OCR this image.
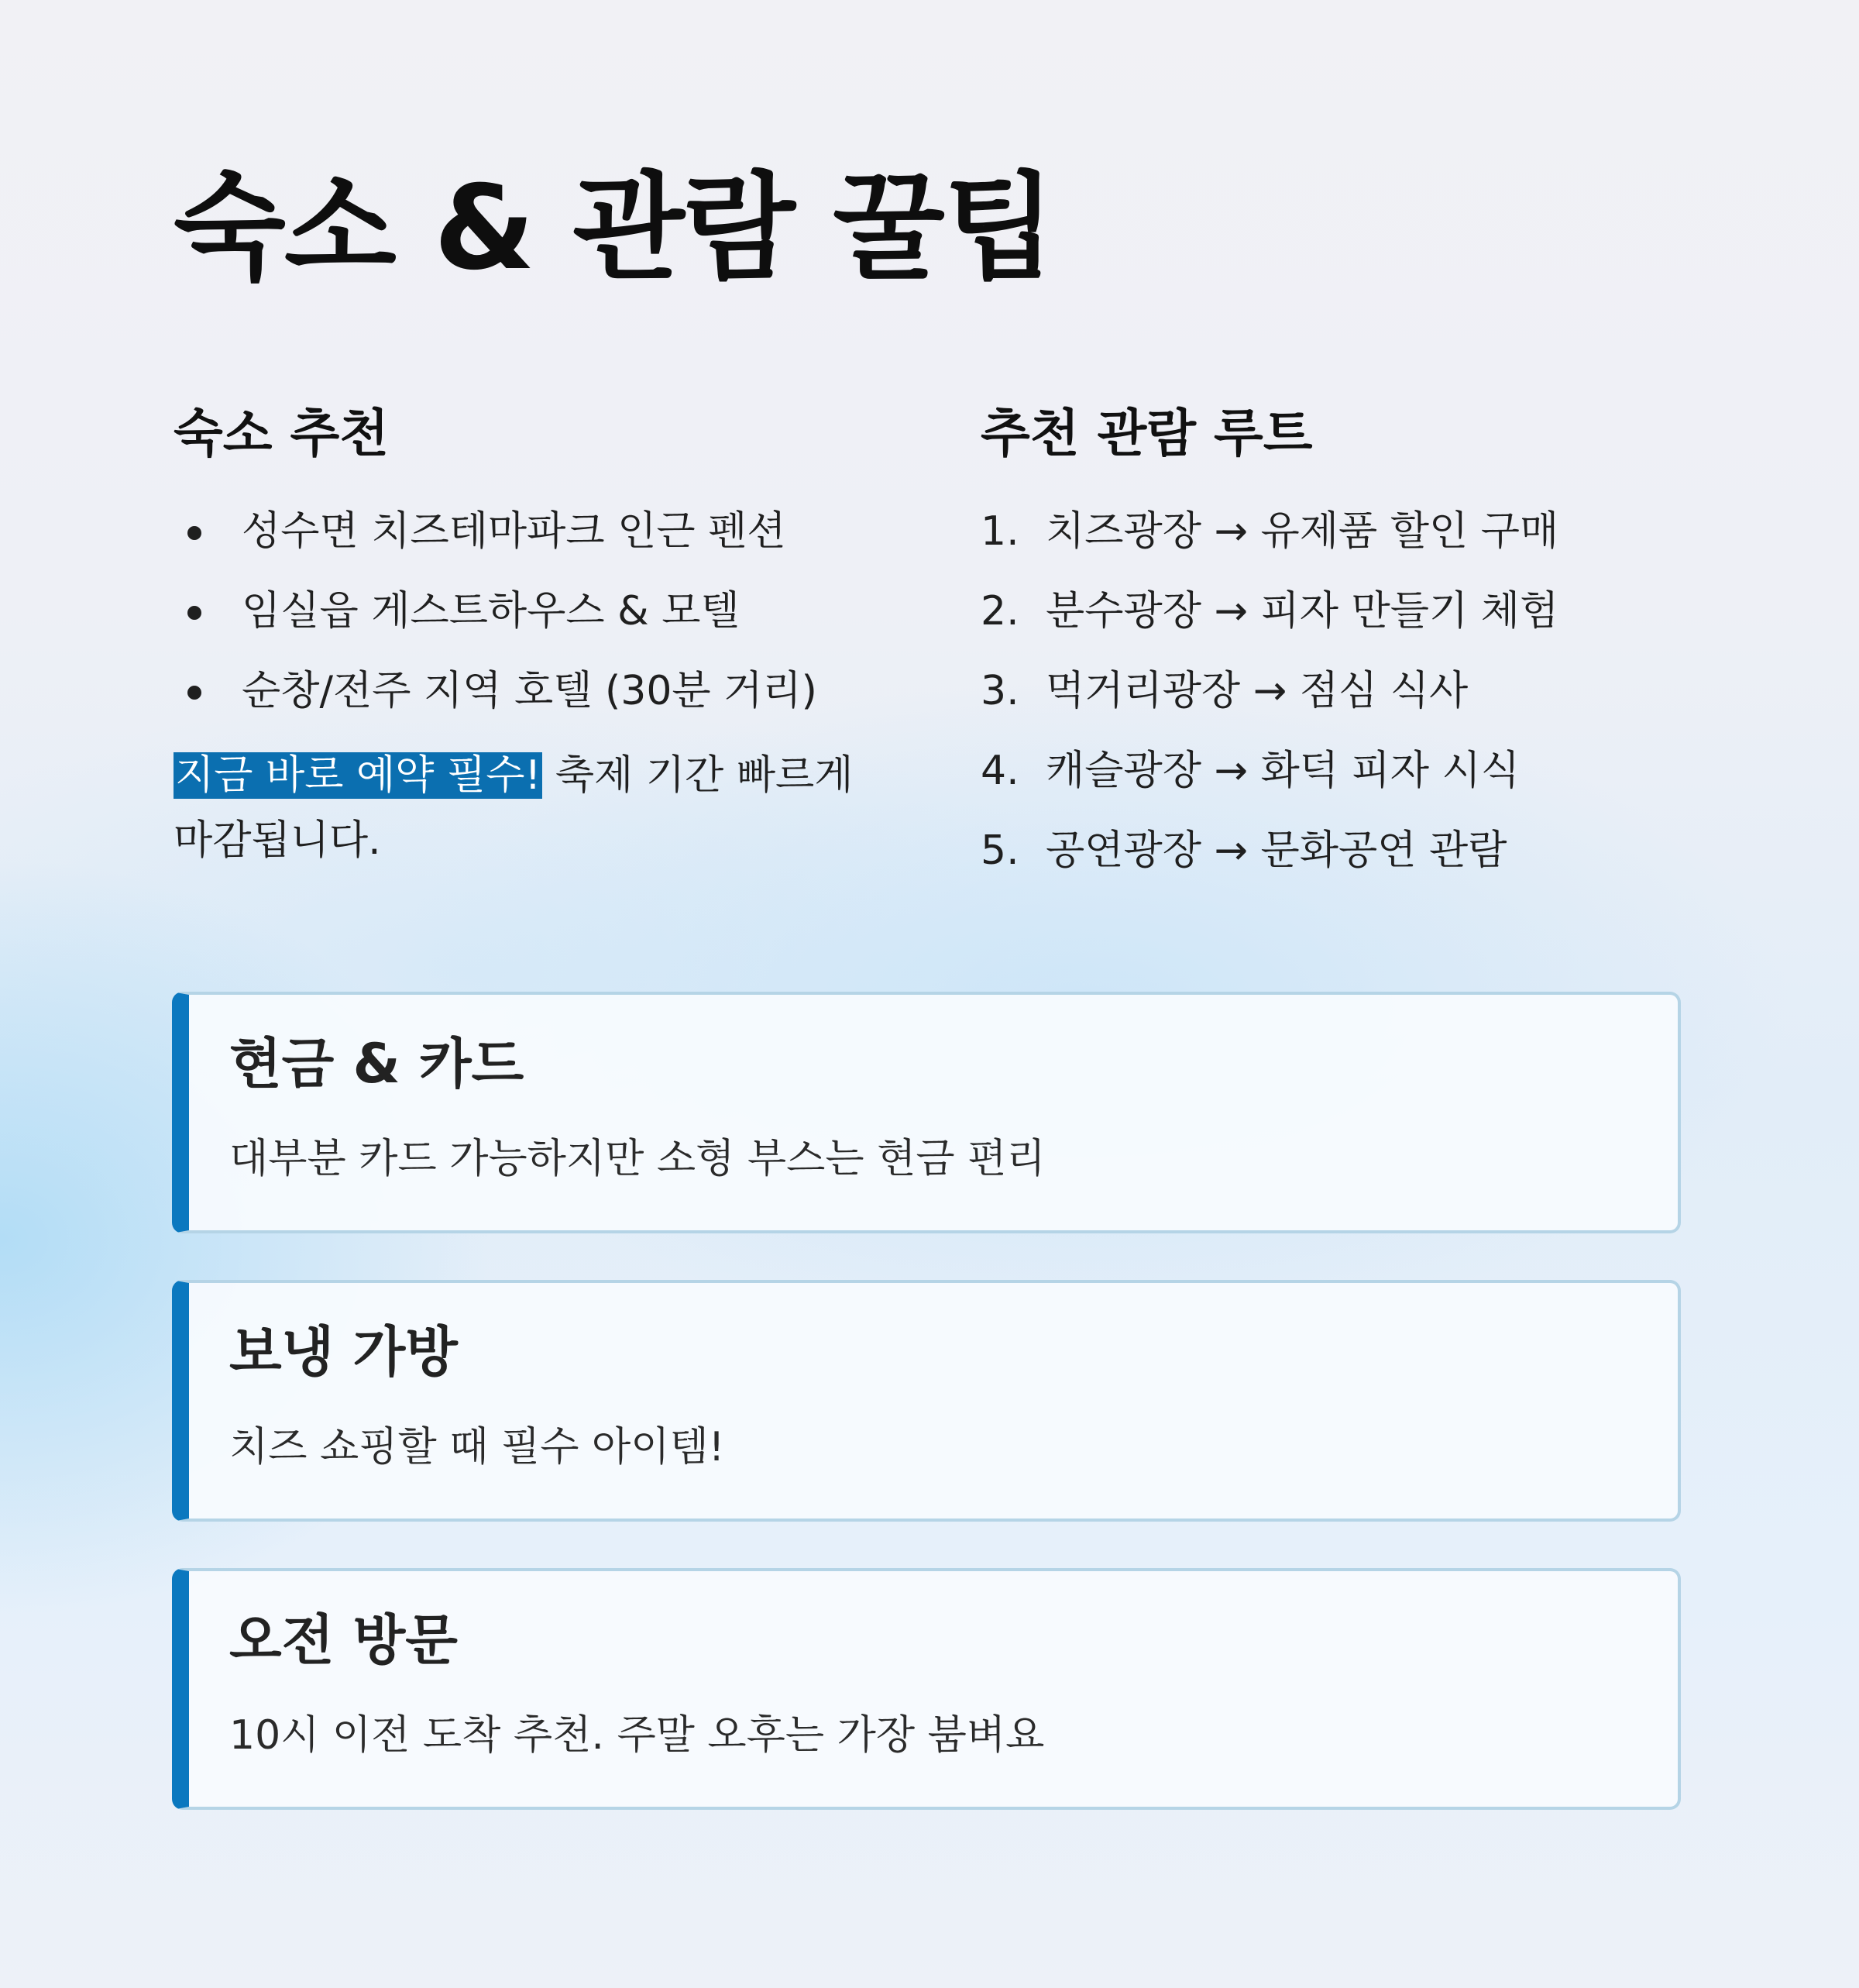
숙소 & 관람 꿀팁
숙소 추천
성수면 치즈테마파크 인근 펜션
임실읍 게스트하우스 & 모텔
순창/전주 지역 호텔 (30분 거리)

지금 바로 예약 필수! 축제 기간 빠르게 마감됩니다.

추천 관람 루트
1. 치즈광장 → 유제품 할인 구매
2. 분수광장 → 피자 만들기 체험
3. 먹거리광장 → 점심 식사
4. 캐슬광장 → 화덕 피자 시식
5. 공연광장 → 문화공연 관람
현금 & 카드

대부분 카드 가능하지만 소형 부스는 현금 편리

보냉 가방

치즈 쇼핑할 때 필수 아이템!

오전 방문

10시 이전 도착 추천. 주말 오후는 가장 붐벼요
